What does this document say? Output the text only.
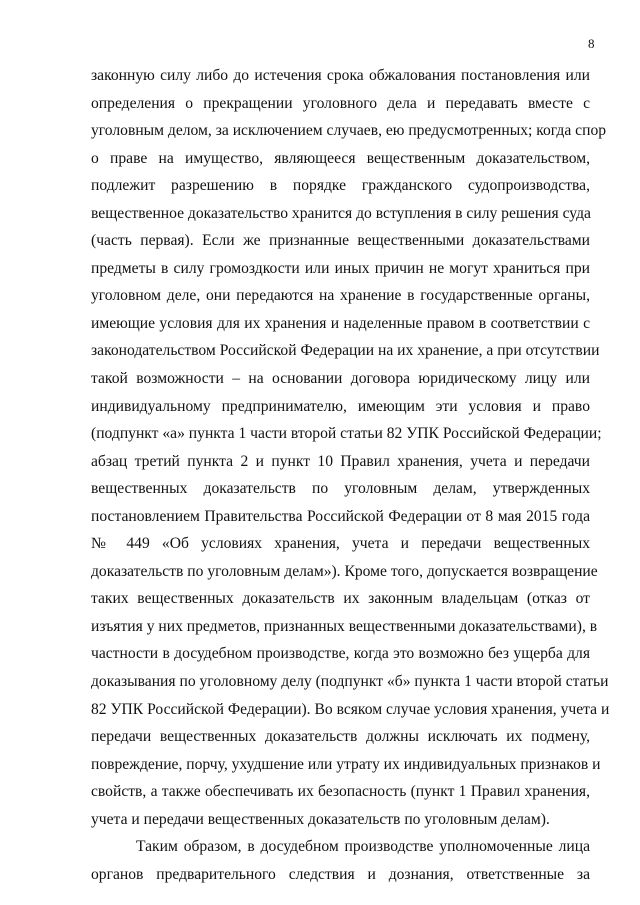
8
законную силу либо до истечения срока обжалования постановления или
определения о прекращении уголовного дела и передавать вместе с
уголовным делом, за исключением случаев, ею предусмотренных; когда спор
о праве на имущество, являющееся вещественным доказательством,
подлежит разрешению в порядке гражданского судопроизводства,
вещественное доказательство хранится до вступления в силу решения суда
(часть первая). Если же признанные вещественными доказательствами
предметы в силу громоздкости или иных причин не могут храниться при
уголовном деле, они передаются на хранение в государственные органы,
имеющие условия для их хранения и наделенные правом в соответствии с
законодательством Российской Федерации на их хранение, а при отсутствии
такой возможности – на основании договора юридическому лицу или
индивидуальному предпринимателю, имеющим эти условия и право
(подпункт «а» пункта 1 части второй статьи 82 УПК Российской Федерации;
абзац третий пункта 2 и пункт 10 Правил хранения, учета и передачи
вещественных доказательств по уголовным делам, утвержденных
постановлением Правительства Российской Федерации от 8 мая 2015 года
№ 449 «Об условиях хранения, учета и передачи вещественных
доказательств по уголовным делам»). Кроме того, допускается возвращение
таких вещественных доказательств их законным владельцам (отказ от
изъятия у них предметов, признанных вещественными доказательствами), в
частности в досудебном производстве, когда это возможно без ущерба для
доказывания по уголовному делу (подпункт «б» пункта 1 части второй статьи
82 УПК Российской Федерации). Во всяком случае условия хранения, учета и
передачи вещественных доказательств должны исключать их подмену,
повреждение, порчу, ухудшение или утрату их индивидуальных признаков и
свойств, а также обеспечивать их безопасность (пункт 1 Правил хранения,
учета и передачи вещественных доказательств по уголовным делам).
Таким образом, в досудебном производстве уполномоченные лица
органов предварительного следствия и дознания, ответственные за
